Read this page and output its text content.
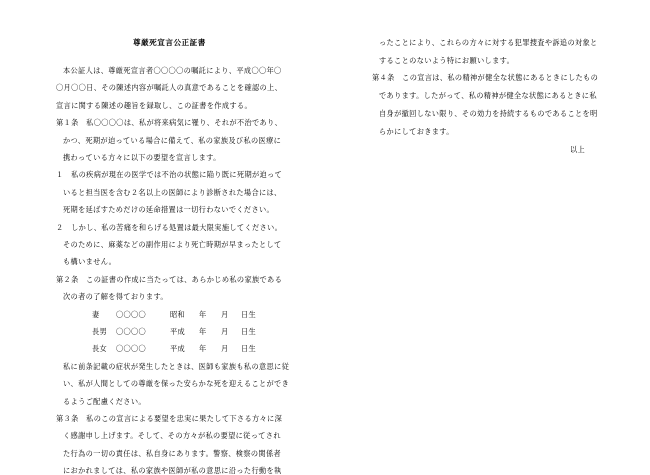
尊厳死宣言公正証書
本公証人は、尊厳死宣言者〇〇〇〇の嘱託により、平成〇〇年〇
〇月〇〇日、その陳述内容が嘱託人の真意であることを確認の上、
宣言に関する陳述の趣旨を録取し、この証書を作成する。
第１条　私〇〇〇〇は、私が将来病気に罹り、それが不治であり、
かつ、死期が迫っている場合に備えて、私の家族及び私の医療に
携わっている方々に以下の要望を宣言します。
１　私の疾病が現在の医学では不治の状態に陥り既に死期が迫って
いると担当医を含む２名以上の医師により診断された場合には、
死期を延ばすためだけの延命措置は一切行わないでください。
２　しかし、私の苦痛を和らげる処置は最大限実施してください。
そのために、麻薬などの副作用により死亡時期が早まったとして
も構いません。
第２条　この証書の作成に当たっては、あらかじめ私の家族である
次の者の了解を得ております。
妻 〇〇〇〇	昭和 年 月 日生
長男 〇〇〇〇	平成 年 月 日生
長女 〇〇〇〇	平成 年 月 日生
私に前条記載の症状が発生したときは、医師も家族も私の意思に従
い、私が人間としての尊厳を保った安らかな死を迎えることができ
るようご配慮ください。
第３条　私のこの宣言による要望を忠実に果たして下さる方々に深
く感謝申し上げます。そして、その方々が私の要望に従ってされ
た行為の一切の責任は、私自身にあります。警察、検察の関係者
におかれましては、私の家族や医師が私の意思に沿った行動を執
ったことにより、これらの方々に対する犯罪捜査や訴追の対象と
することのないよう特にお願いします。
第４条　この宣言は、私の精神が健全な状態にあるときにしたもの
であります。したがって、私の精神が健全な状態にあるときに私
自身が撤回しない限り、その効力を持続するものであることを明
らかにしておきます。
以上
